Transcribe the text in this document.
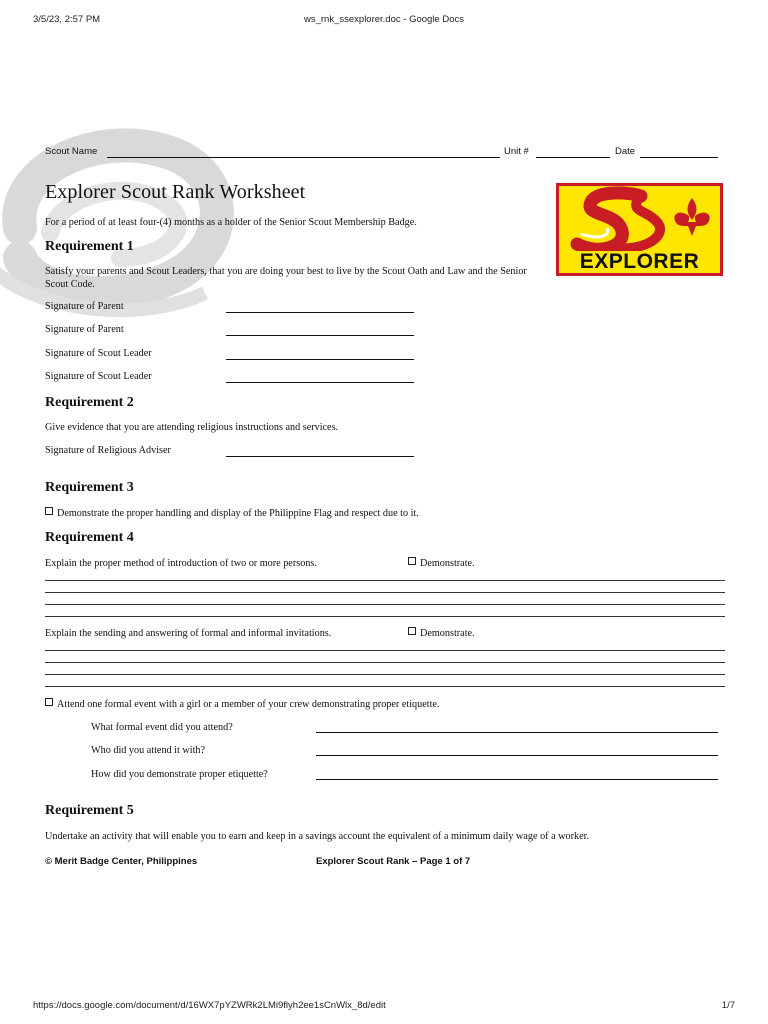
3/5/23, 2:57 PM	ws_rnk_ssexplorer.doc - Google Docs
Scout Name	Unit #	Date
Explorer Scout Rank Worksheet
For a period of at least four-(4) months as a holder of the Senior Scout Membership Badge.
EXPLORER
Requirement 1
Satisfy your parents and Scout Leaders, that you are doing your best to live by the Scout Oath and Law and the Senior Scout Code.
Signature of Parent
Signature of Parent
Signature of Scout Leader
Signature of Scout Leader
Requirement 2
Give evidence that you are attending religious instructions and services.
Signature of Religious Adviser
Requirement 3
Demonstrate the proper handling and display of the Philippine Flag and respect due to it.
Requirement 4
Explain the proper method of introduction of two or more persons.	Demonstrate.
Explain the sending and answering of formal and informal invitations.	Demonstrate.
Attend one formal event with a girl or a member of your crew demonstrating proper etiquette.
What formal event did you attend?
Who did you attend it with?
How did you demonstrate proper etiquette?
Requirement 5
Undertake an activity that will enable you to earn and keep in a savings account the equivalent of a minimum daily wage of a worker.
© Merit Badge Center, Philippines	Explorer Scout Rank – Page 1 of 7
https://docs.google.com/document/d/16WX7pYZWRk2LMi9flyh2ee1sCnWlx_8d/edit	1/7
